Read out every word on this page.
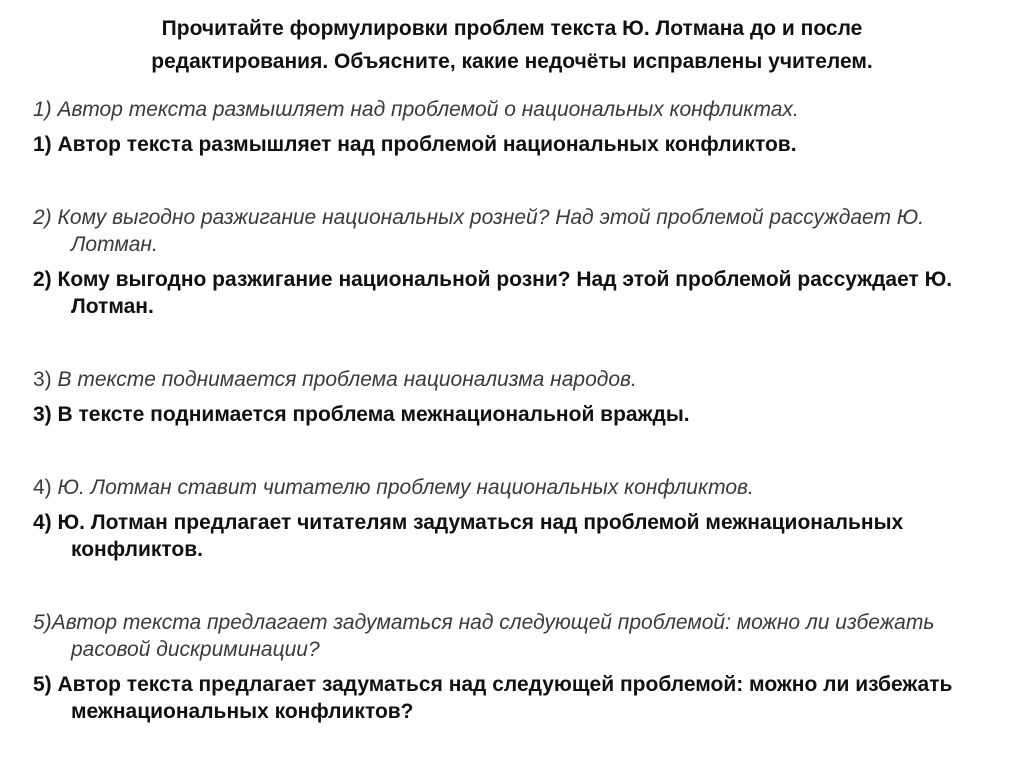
Прочитайте формулировки проблем текста Ю. Лотмана до и после
редактирования. Объясните, какие недочёты исправлены учителем.

1) Автор текста размышляет над проблемой о национальных конфликтах.

1) Автор текста размышляет над проблемой национальных конфликтов.

2) Кому выгодно разжигание национальных розней? Над этой проблемой рассуждает Ю. Лотман.

2) Кому выгодно разжигание национальной розни? Над этой проблемой рассуждает Ю. Лотман.

3) В тексте поднимается проблема национализма народов.

3) В тексте поднимается проблема межнациональной вражды.

4) Ю. Лотман ставит читателю проблему национальных конфликтов.

4) Ю. Лотман предлагает читателям задуматься над проблемой межнациональных конфликтов.

5)Автор текста предлагает задуматься над следующей проблемой: можно ли избежать расовой дискриминации?

5) Автор текста предлагает задуматься над следующей проблемой: можно ли избежать межнациональных конфликтов?
